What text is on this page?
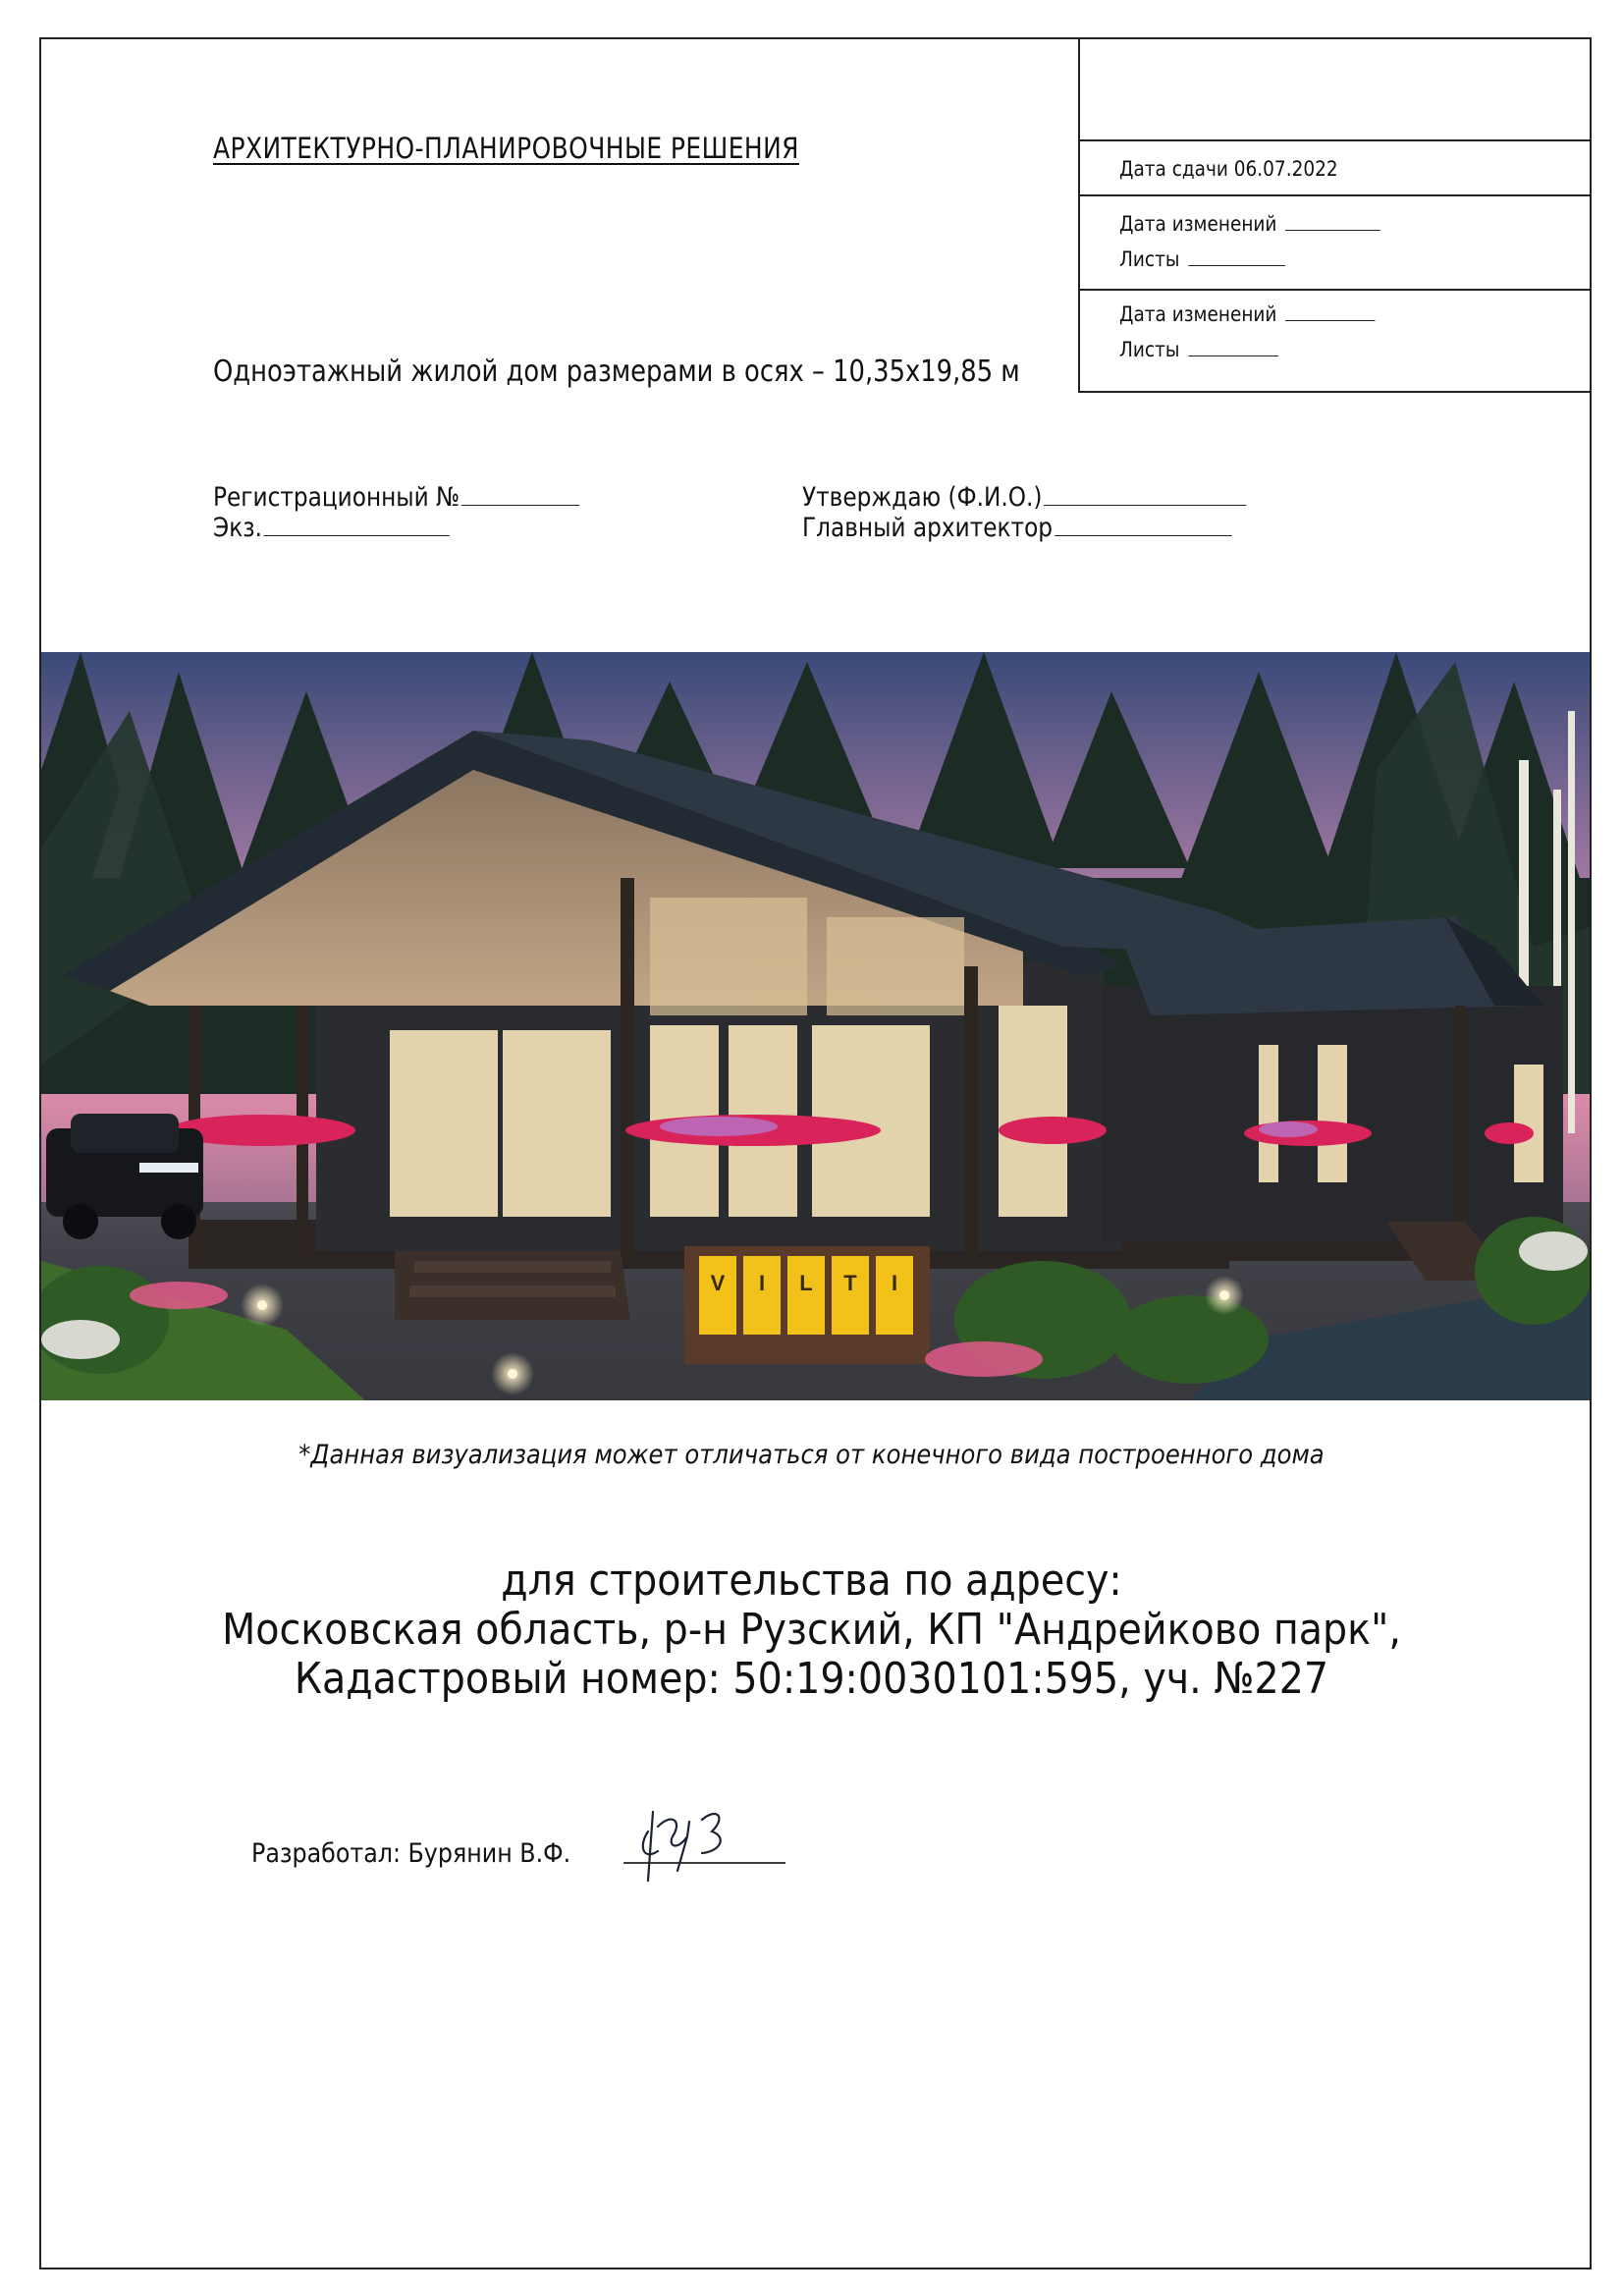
Дата сдачи 06.07.2022
Дата изменений
Листы
Дата изменений
Листы
АРХИТЕКТУРНО-ПЛАНИРОВОЧНЫЕ РЕШЕНИЯ
Одноэтажный жилой дом размерами в осях – 10,35х19,85 м
Регистрационный №
Экз.
Утверждаю (Ф.И.О.)
Главный архитектор
V I L T I
*Данная визуализация может отличаться от конечного вида построенного дома
для строительства по адресу:
Московская область, р-н Рузский, КП "Андрейково парк",
Кадастровый номер: 50:19:0030101:595, уч. №227
Разработал: Бурянин В.Ф.
